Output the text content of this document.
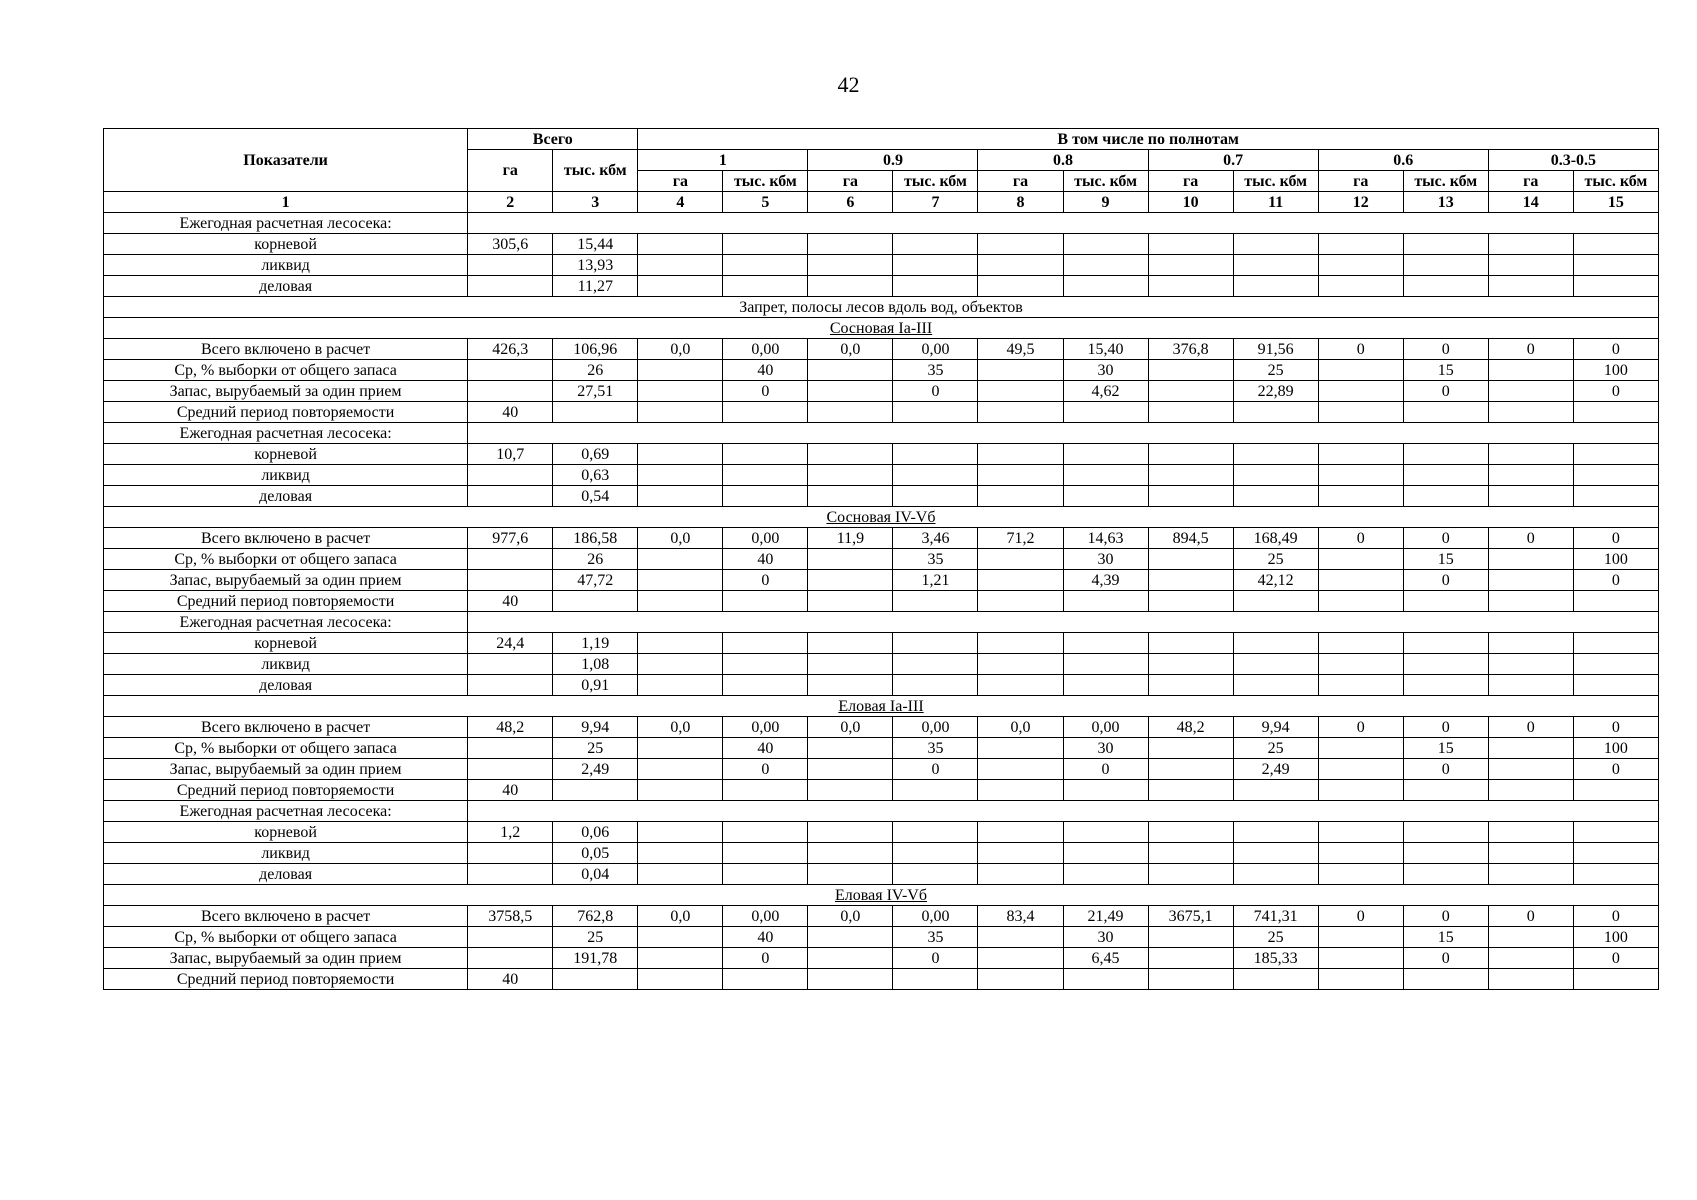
42
Показатели	Всего		В том числе по полнотам											
	га	тыс. кбм	1		0.9		0.8		0.7		0.6		0.3-0.5	
			га	тыс. кбм	га	тыс. кбм	га	тыс. кбм	га	тыс. кбм	га	тыс. кбм	га	тыс. кбм
1	2	3	4	5	6	7	8	9	10	11	12	13	14	15
Ежегодная расчетная лесосека:														
корневой	305,6	15,44												
ликвид		13,93												
деловая		11,27												
Запрет, полосы лесов вдоль вод, объектов														
Сосновая Iа-III														
Всего включено в расчет	426,3	106,96	0,0	0,00	0,0	0,00	49,5	15,40	376,8	91,56	0	0	0	0
Ср, % выборки от общего запаса		26		40		35		30		25		15		100
Запас, вырубаемый за один прием		27,51		0		0		4,62		22,89		0		0
Средний период повторяемости	40													
Ежегодная расчетная лесосека:														
корневой	10,7	0,69												
ликвид		0,63												
деловая		0,54												
Сосновая IV-Vб														
Всего включено в расчет	977,6	186,58	0,0	0,00	11,9	3,46	71,2	14,63	894,5	168,49	0	0	0	0
Ср, % выборки от общего запаса		26		40		35		30		25		15		100
Запас, вырубаемый за один прием		47,72		0		1,21		4,39		42,12		0		0
Средний период повторяемости	40													
Ежегодная расчетная лесосека:														
корневой	24,4	1,19												
ликвид		1,08												
деловая		0,91												
Еловая Iа-III														
Всего включено в расчет	48,2	9,94	0,0	0,00	0,0	0,00	0,0	0,00	48,2	9,94	0	0	0	0
Ср, % выборки от общего запаса		25		40		35		30		25		15		100
Запас, вырубаемый за один прием		2,49		0		0		0		2,49		0		0
Средний период повторяемости	40													
Ежегодная расчетная лесосека:														
корневой	1,2	0,06												
ликвид		0,05												
деловая		0,04												
Еловая IV-Vб														
Всего включено в расчет	3758,5	762,8	0,0	0,00	0,0	0,00	83,4	21,49	3675,1	741,31	0	0	0	0
Ср, % выборки от общего запаса		25		40		35		30		25		15		100
Запас, вырубаемый за один прием		191,78		0		0		6,45		185,33		0		0
Средний период повторяемости	40													
